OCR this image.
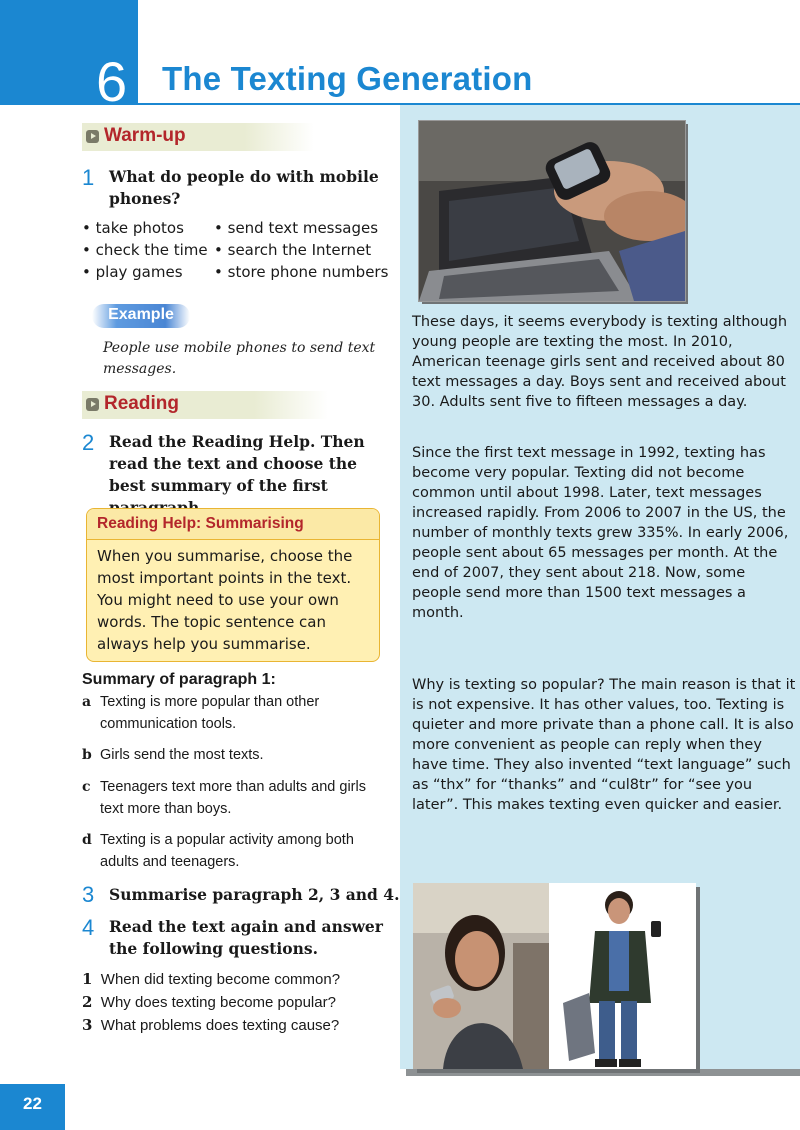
6 The Texting Generation
Warm-up
1 What do people do with mobile phones?
• take photos
• check the time
• play games
• send text messages
• search the Internet
• store phone numbers
Example
People use mobile phones to send text messages.
Reading
2 Read the Reading Help. Then read the text and choose the best summary of the first
Reading Help: Summarising
When you summarise, choose the most important points in the text. You might need to use your own words. The topic sentence can always help you summarise.
Summary of paragraph 1:
a Texting is more popular than other communication tools.
b Girls send the most texts.
c Teenagers text more than adults and girls text more than boys.
d Texting is a popular activity among both adults and teenagers.
3 Summarise paragraph 2, 3 and 4.
4 Read the text again and answer the following questions.
1 When did texting become common?
2 Why does texting become popular?
3 What problems does texting cause?
These days, it seems everybody is texting although young people are texting the most. In 2010, American teenage girls sent and received about 80 text messages a day. Boys sent and received about 30. Adults sent five to fifteen messages a day.
Since the first text message in 1992, texting has become very popular. Texting did not become common until about 1998. Later, text messages increased rapidly. From 2006 to 2007 in the US, the number of monthly texts grew 335%. In early 2006, people sent about 65 messages per month. At the end of 2007, they sent about 218. Now, some people send more than 1500 text messages a month.
Why is texting so popular? The main reason is that it is not expensive. It has other values, too. Texting is quieter and more private than a phone call. It is also more convenient as people can reply when they have time. They also invented “text language” such as “thx” for “thanks” and “cul8tr” for “see you later”. This makes texting even quicker and easier.
22
